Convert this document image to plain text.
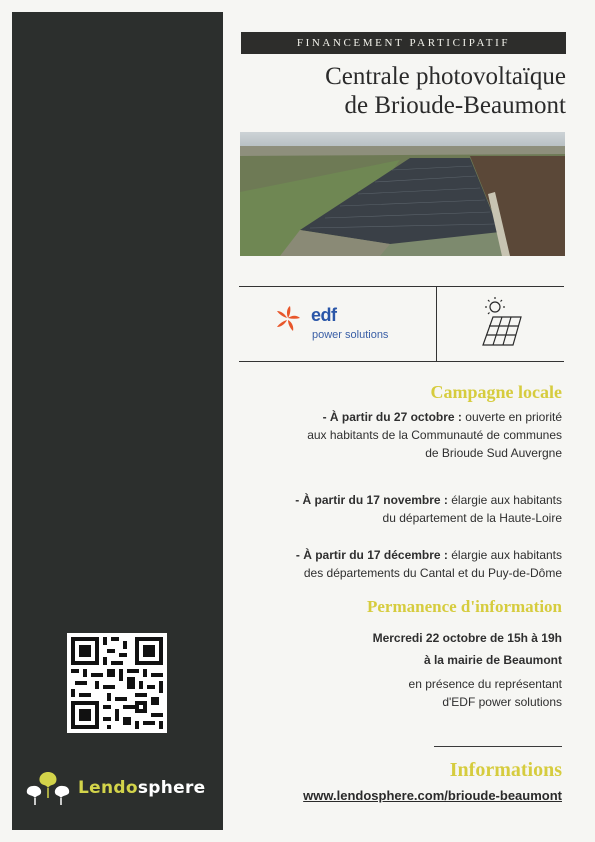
Lendosphere
FINANCEMENT PARTICIPATIF
Centrale photovoltaïque
de Brioude-Beaumont
edf
power solutions
Campagne locale
- À partir du 27 octobre : ouverte en priorité
aux habitants de la Communauté de communes
de Brioude Sud Auvergne
- À partir du 17 novembre : élargie aux habitants
du département de la Haute-Loire
- À partir du 17 décembre : élargie aux habitants
des départements du Cantal et du Puy-de-Dôme
Permanence d'information
Mercredi 22 octobre de 15h à 19h
à la mairie de Beaumont
en présence du représentant
d'EDF power solutions
Informations
www.lendosphere.com/brioude-beaumont
